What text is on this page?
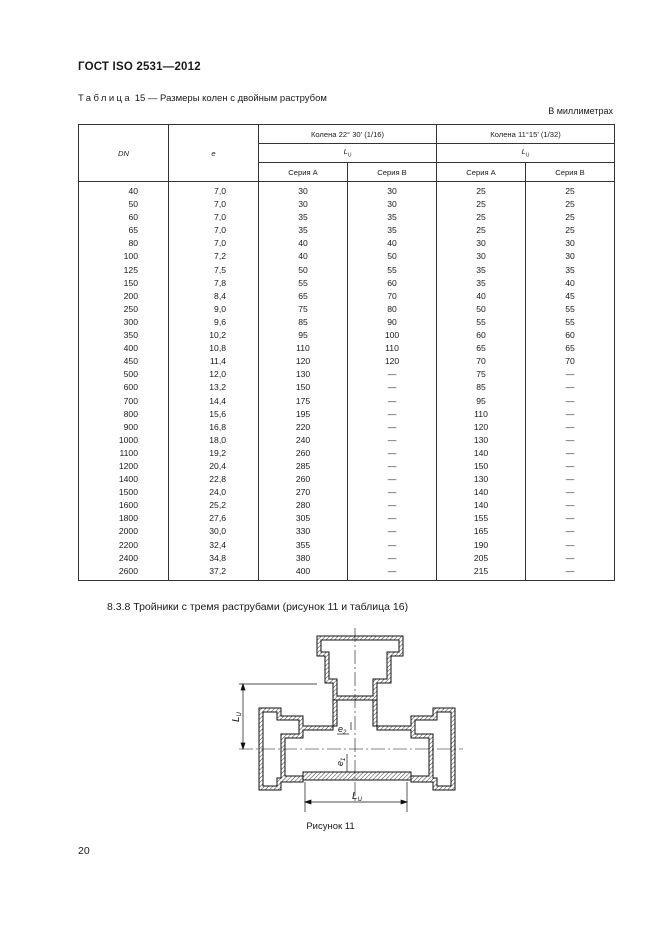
ГОСТ ISO 2531—2012
Таблица 15 — Размеры колен с двойным раструбом
В миллиметрах
DN	e	Колена 22° 30' (1/16)		Колена 11°15' (1/32)	
		$L_U$		$L_U$
		Серия А	Серия В	Серия А	Серия В
40	7,0	30	30	25	25
50	7,0	30	30	25	25
60	7,0	35	35	25	25
65	7,0	35	35	25	25
80	7,0	40	40	30	30
100	7,2	40	50	30	30
125	7,5	50	55	35	35
150	7,8	55	60	35	40
200	8,4	65	70	40	45
250	9,0	75	80	50	55
300	9,6	85	90	55	55
350	10,2	95	100	60	60
400	10,8	110	110	65	65
450	11,4	120	120	70	70
500	12,0	130	—	75	—
600	13,2	150	—	85	—
700	14,4	175	—	95	—
800	15,6	195	—	110	—
900	16,8	220	—	120	—
1000	18,0	240	—	130	—
1100	19,2	260	—	140	—
1200	20,4	285	—	150	—
1400	22,8	260	—	130	—
1500	24,0	270	—	140	—
1600	25,2	280	—	140	—
1800	27,6	305	—	155	—
2000	30,0	330	—	165	—
2200	32,4	355	—	190	—
2400	34,8	380	—	205	—
2600	37,2	400	—	215	—
8.3.8 Тройники с тремя раструбами (рисунок 11 и таблица 16)
$L_U$
$e_2$
$e_1$
$L_U$
Рисунок 11
20
